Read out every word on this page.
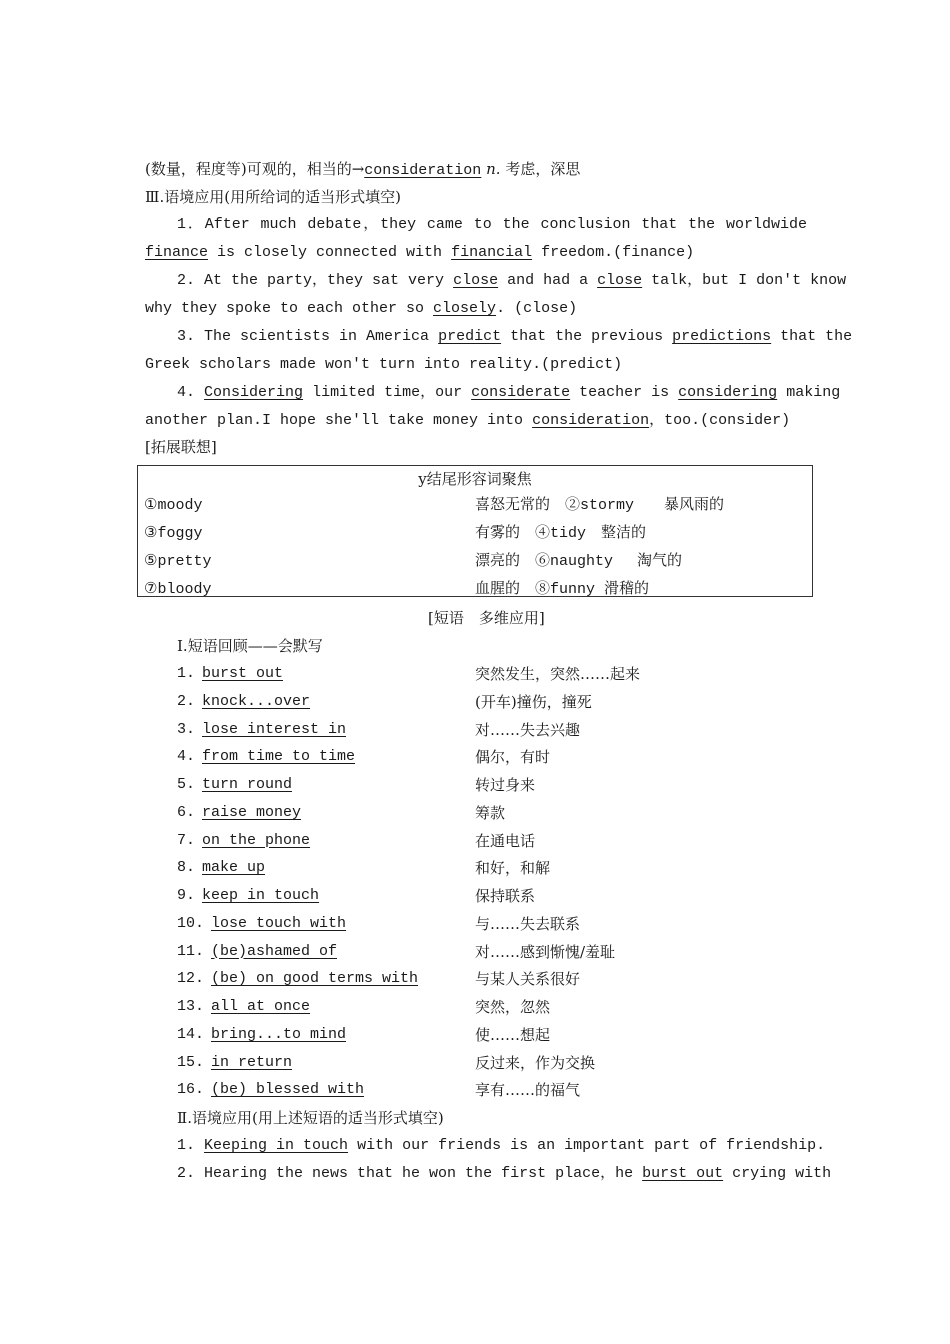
(数量，程度等)可观的，相当的→consideration n. 考虑，深思
Ⅲ.语境应用(用所给词的适当形式填空)
1．After much debate，they came to the conclusion that the worldwide
finance is closely connected with financial freedom.(finance)
2. At the party，they sat very close and had a close talk，but I don't know
why they spoke to each other so closely. (close)
3. The scientists in America predict that the previous predictions that the
Greek scholars made won't turn into reality.(predict)
4. Considering limited time，our considerate teacher is considering making
another plan.I hope she'll take money into consideration，too.(consider)
[拓展联想]
y结尾形容词聚焦
①moody	喜怒无常的　②stormy　　暴风雨的
③foggy	有雾的　④tidy　整洁的
⑤pretty	漂亮的　⑥naughty　 淘气的
⑦bloody	血腥的　⑧funny 滑稽的
[短语　多维应用]
Ⅰ.短语回顾——会默写
1. burst out	突然发生，突然……起来
2. knock...over	(开车)撞伤，撞死
3. lose interest in	对……失去兴趣
4. from time to time	偶尔，有时
5. turn round	转过身来
6. raise money	筹款
7. on the phone	在通电话
8. make up	和好，和解
9. keep in touch	保持联系
10. lose touch with	与……失去联系
11. (be)ashamed of	对……感到惭愧/羞耻
12. (be) on good terms with	与某人关系很好
13. all at once	突然，忽然
14. bring...to mind	使……想起
15. in return	反过来，作为交换
16. (be) blessed with	享有……的福气
Ⅱ.语境应用(用上述短语的适当形式填空)
1. Keeping in touch with our friends is an important part of friendship.
2. Hearing the news that he won the first place，he burst out crying with
